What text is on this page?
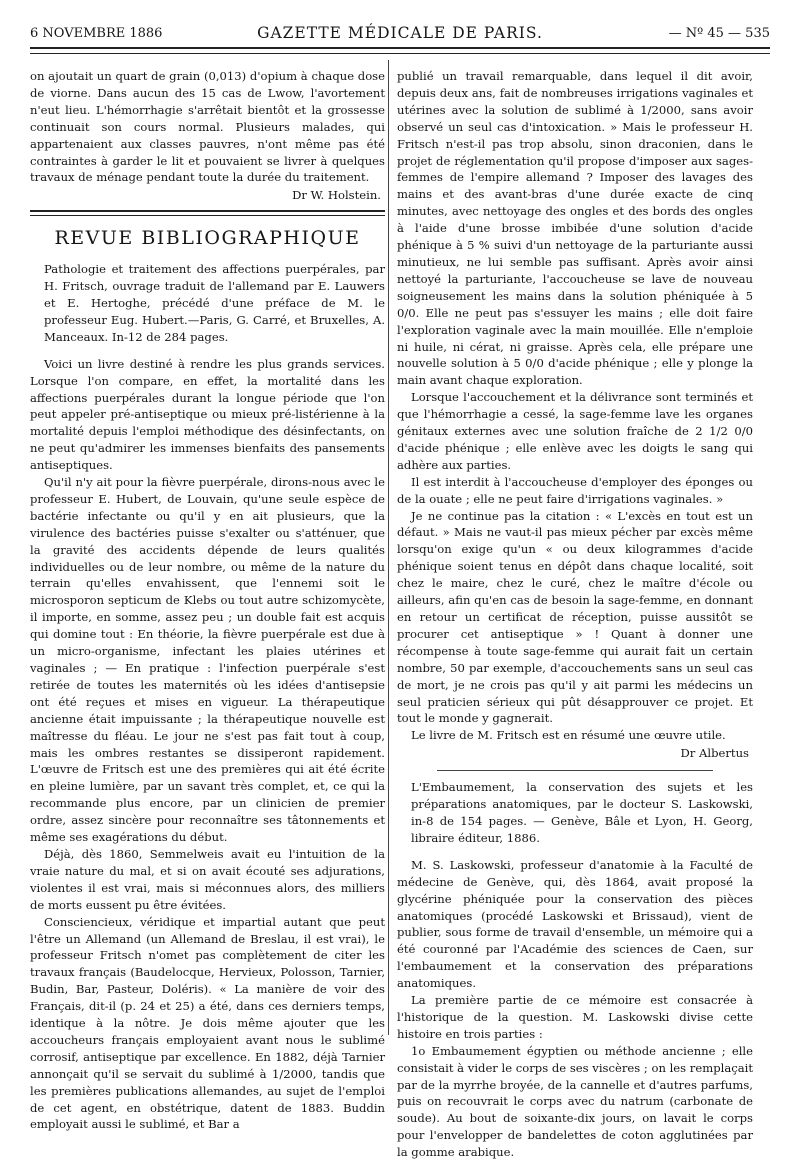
6 NOVEMBRE 1886	GAZETTE MÉDICALE DE PARIS.	— Nº 45 — 535

on ajoutait un quart de grain (0,013) d'opium à chaque dose de viorne. Dans aucun des 15 cas de Lwow, l'avortement n'eut lieu. L'hémorrhagie s'arrêtait bientôt et la grossesse continuait son cours normal. Plusieurs malades, qui appartenaient aux classes pauvres, n'ont même pas été contraintes à garder le lit et pouvaient se livrer à quelques travaux de ménage pendant toute la durée du traitement.

Dr W. Holstein.
REVUE BIBLIOGRAPHIQUE

Pathologie et traitement des affections puerpérales, par H. Fritsch, ouvrage traduit de l'allemand par E. Lauwers et E. Hertoghe, précédé d'une préface de M. le professeur Eug. Hubert.—Paris, G. Carré, et Bruxelles, A. Manceaux. In-12 de 284 pages.

Voici un livre destiné à rendre les plus grands services. Lorsque l'on compare, en effet, la mortalité dans les affections puerpérales durant la longue période que l'on peut appeler pré-antiseptique ou mieux pré-listérienne à la mortalité depuis l'emploi méthodique des désinfectants, on ne peut qu'admirer les immenses bienfaits des pansements antiseptiques.

Qu'il n'y ait pour la fièvre puerpérale, dirons-nous avec le professeur E. Hubert, de Louvain, qu'une seule espèce de bactérie infectante ou qu'il y en ait plusieurs, que la virulence des bactéries puisse s'exalter ou s'atténuer, que la gravité des accidents dépende de leurs qualités individuelles ou de leur nombre, ou même de la nature du terrain qu'elles envahissent, que l'ennemi soit le microsporon septicum de Klebs ou tout autre schizomycète, il importe, en somme, assez peu ; un double fait est acquis qui domine tout : En théorie, la fièvre puerpérale est due à un micro-organisme, infectant les plaies utérines et vaginales ; — En pratique : l'infection puerpérale s'est retirée de toutes les maternités où les idées d'antisepsie ont été reçues et mises en vigueur. La thérapeutique ancienne était impuissante ; la thérapeutique nouvelle est maîtresse du fléau. Le jour ne s'est pas fait tout à coup, mais les ombres restantes se dissiperont rapidement. L'œuvre de Fritsch est une des premières qui ait été écrite en pleine lumière, par un savant très complet, et, ce qui la recommande plus encore, par un clinicien de premier ordre, assez sincère pour reconnaître ses tâtonnements et même ses exagérations du début.

Déjà, dès 1860, Semmelweis avait eu l'intuition de la vraie nature du mal, et si on avait écouté ses adjurations, violentes il est vrai, mais si méconnues alors, des milliers de morts eussent pu être évitées.

Consciencieux, véridique et impartial autant que peut l'être un Allemand (un Allemand de Breslau, il est vrai), le professeur Fritsch n'omet pas complètement de citer les travaux français (Baudelocque, Hervieux, Polosson, Tarnier, Budin, Bar, Pasteur, Doléris). « La manière de voir des Français, dit-il (p. 24 et 25) a été, dans ces derniers temps, identique à la nôtre. Je dois même ajouter que les accoucheurs français employaient avant nous le sublimé corrosif, antiseptique par excellence. En 1882, déjà Tarnier annonçait qu'il se servait du sublimé à 1/2000, tandis que les premières publications allemandes, au sujet de l'emploi de cet agent, en obstétrique, datent de 1883. Buddin employait aussi le sublimé, et Bar a

publié un travail remarquable, dans lequel il dit avoir, depuis deux ans, fait de nombreuses irrigations vaginales et utérines avec la solution de sublimé à 1/2000, sans avoir observé un seul cas d'intoxication. » Mais le professeur H. Fritsch n'est-il pas trop absolu, sinon draconien, dans le projet de réglementation qu'il propose d'imposer aux sages-femmes de l'empire allemand ? Imposer des lavages des mains et des avant-bras d'une durée exacte de cinq minutes, avec nettoyage des ongles et des bords des ongles à l'aide d'une brosse imbibée d'une solution d'acide phénique à 5 % suivi d'un nettoyage de la parturiante aussi minutieux, ne lui semble pas suffisant. Après avoir ainsi nettoyé la parturiante, l'accoucheuse se lave de nouveau soigneusement les mains dans la solution phéniquée à 5 0/0. Elle ne peut pas s'essuyer les mains ; elle doit faire l'exploration vaginale avec la main mouillée. Elle n'emploie ni huile, ni cérat, ni graisse. Après cela, elle prépare une nouvelle solution à 5 0/0 d'acide phénique ; elle y plonge la main avant chaque exploration.

Lorsque l'accouchement et la délivrance sont terminés et que l'hémorrhagie a cessé, la sage-femme lave les organes génitaux externes avec une solution fraîche de 2 1/2 0/0 d'acide phénique ; elle enlève avec les doigts le sang qui adhère aux parties.

Il est interdit à l'accoucheuse d'employer des éponges ou de la ouate ; elle ne peut faire d'irrigations vaginales. »

Je ne continue pas la citation : « L'excès en tout est un défaut. » Mais ne vaut-il pas mieux pécher par excès même lorsqu'on exige qu'un « ou deux kilogrammes d'acide phénique soient tenus en dépôt dans chaque localité, soit chez le maire, chez le curé, chez le maître d'école ou ailleurs, afin qu'en cas de besoin la sage-femme, en donnant en retour un certificat de réception, puisse aussitôt se procurer cet antiseptique » ! Quant à donner une récompense à toute sage-femme qui aurait fait un certain nombre, 50 par exemple, d'accouchements sans un seul cas de mort, je ne crois pas qu'il y ait parmi les médecins un seul praticien sérieux qui pût désapprouver ce projet. Et tout le monde y gagnerait.

Le livre de M. Fritsch est en résumé une œuvre utile.

Dr Albertus

L'Embaumement, la conservation des sujets et les préparations anatomiques, par le docteur S. Laskowski, in-8 de 154 pages. — Genève, Bâle et Lyon, H. Georg, libraire éditeur, 1886.

M. S. Laskowski, professeur d'anatomie à la Faculté de médecine de Genève, qui, dès 1864, avait proposé la glycérine phéniquée pour la conservation des pièces anatomiques (procédé Laskowski et Brissaud), vient de publier, sous forme de travail d'ensemble, un mémoire qui a été couronné par l'Académie des sciences de Caen, sur l'embaumement et la conservation des préparations anatomiques.

La première partie de ce mémoire est consacrée à l'historique de la question. M. Laskowski divise cette histoire en trois parties :

1o Embaumement égyptien ou méthode ancienne ; elle consistait à vider le corps de ses viscères ; on les remplaçait par de la myrrhe broyée, de la cannelle et d'autres parfums, puis on recouvrait le corps avec du natrum (carbonate de soude). Au bout de soixante-dix jours, on lavait le corps pour l'envelopper de bandelettes de coton agglutinées par la gomme arabique.
